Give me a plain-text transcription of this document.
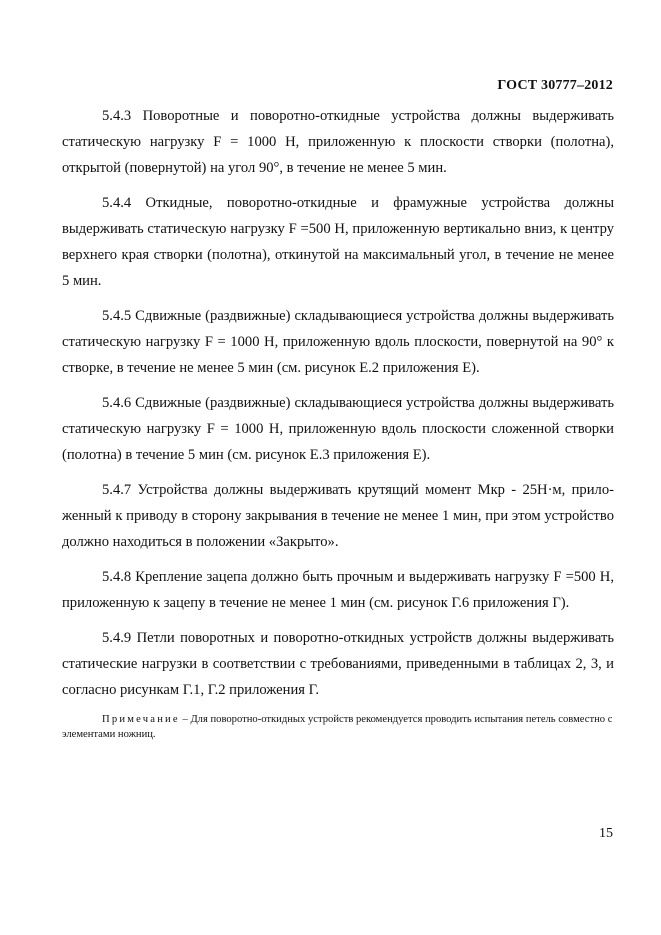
ГОСТ 30777–2012

5.4.3 Поворотные и поворотно-откидные устройства должны выдерживать статическую нагрузку F = 1000 Н, приложенную к плоскости створки (полотна), открытой (повернутой) на угол 90°, в течение не менее 5 мин.

5.4.4 Откидные, поворотно-откидные и фрамужные устройства должны выдерживать статическую нагрузку F =500 Н, приложенную вертикально вниз, к центру верхнего края створки (полотна), откинутой на максимальный угол, в течение не менее 5 мин.

5.4.5 Сдвижные (раздвижные) складывающиеся устройства должны выдерживать статическую нагрузку F = 1000 Н, приложенную вдоль плоскости, повернутой на 90° к створке, в течение не менее 5 мин (см. рисунок Е.2 приложения Е).

5.4.6 Сдвижные (раздвижные) складывающиеся устройства должны выдерживать статическую нагрузку F = 1000 Н, приложенную вдоль плоскости сложенной створки (полотна) в течение 5 мин (см. рисунок Е.3 приложения Е).

5.4.7 Устройства должны выдерживать крутящий момент Мкр - 25Н·м, приложенный к приводу в сторону закрывания в течение не менее 1 мин, при этом устройство должно находиться в положении «Закрыто».

5.4.8 Крепление зацепа должно быть прочным и выдерживать нагрузку F =500 Н, приложенную к зацепу в течение не менее 1 мин (см. рисунок Г.6 приложения Г).

5.4.9 Петли поворотных и поворотно-откидных устройств должны выдерживать статические нагрузки в соответствии с требованиями, приведенными в таблицах 2, 3, и согласно рисункам Г.1, Г.2 приложения Г.

Примечание – Для поворотно-откидных устройств рекомендуется проводить испытания петель совместно с элементами ножниц.

15
